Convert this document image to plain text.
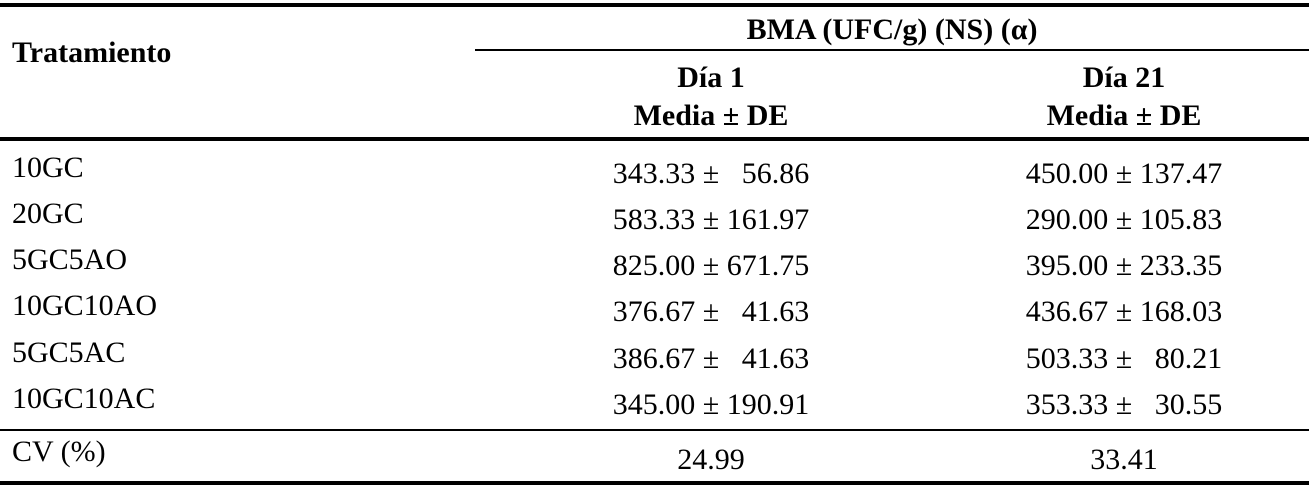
Tratamiento
BMA (UFC/g) (NS) (α)
Día 1
Media ± DE
Día 21
Media ± DE
10GC	343.33 ±   56.86	450.00 ± 137.47
20GC	583.33 ± 161.97	290.00 ± 105.83
5GC5AO	825.00 ± 671.75	395.00 ± 233.35
10GC10AO	376.67 ±   41.63	436.67 ± 168.03
5GC5AC	386.67 ±   41.63	503.33 ±   80.21
10GC10AC	345.00 ± 190.91	353.33 ±   30.55
CV (%)	24.99	33.41
